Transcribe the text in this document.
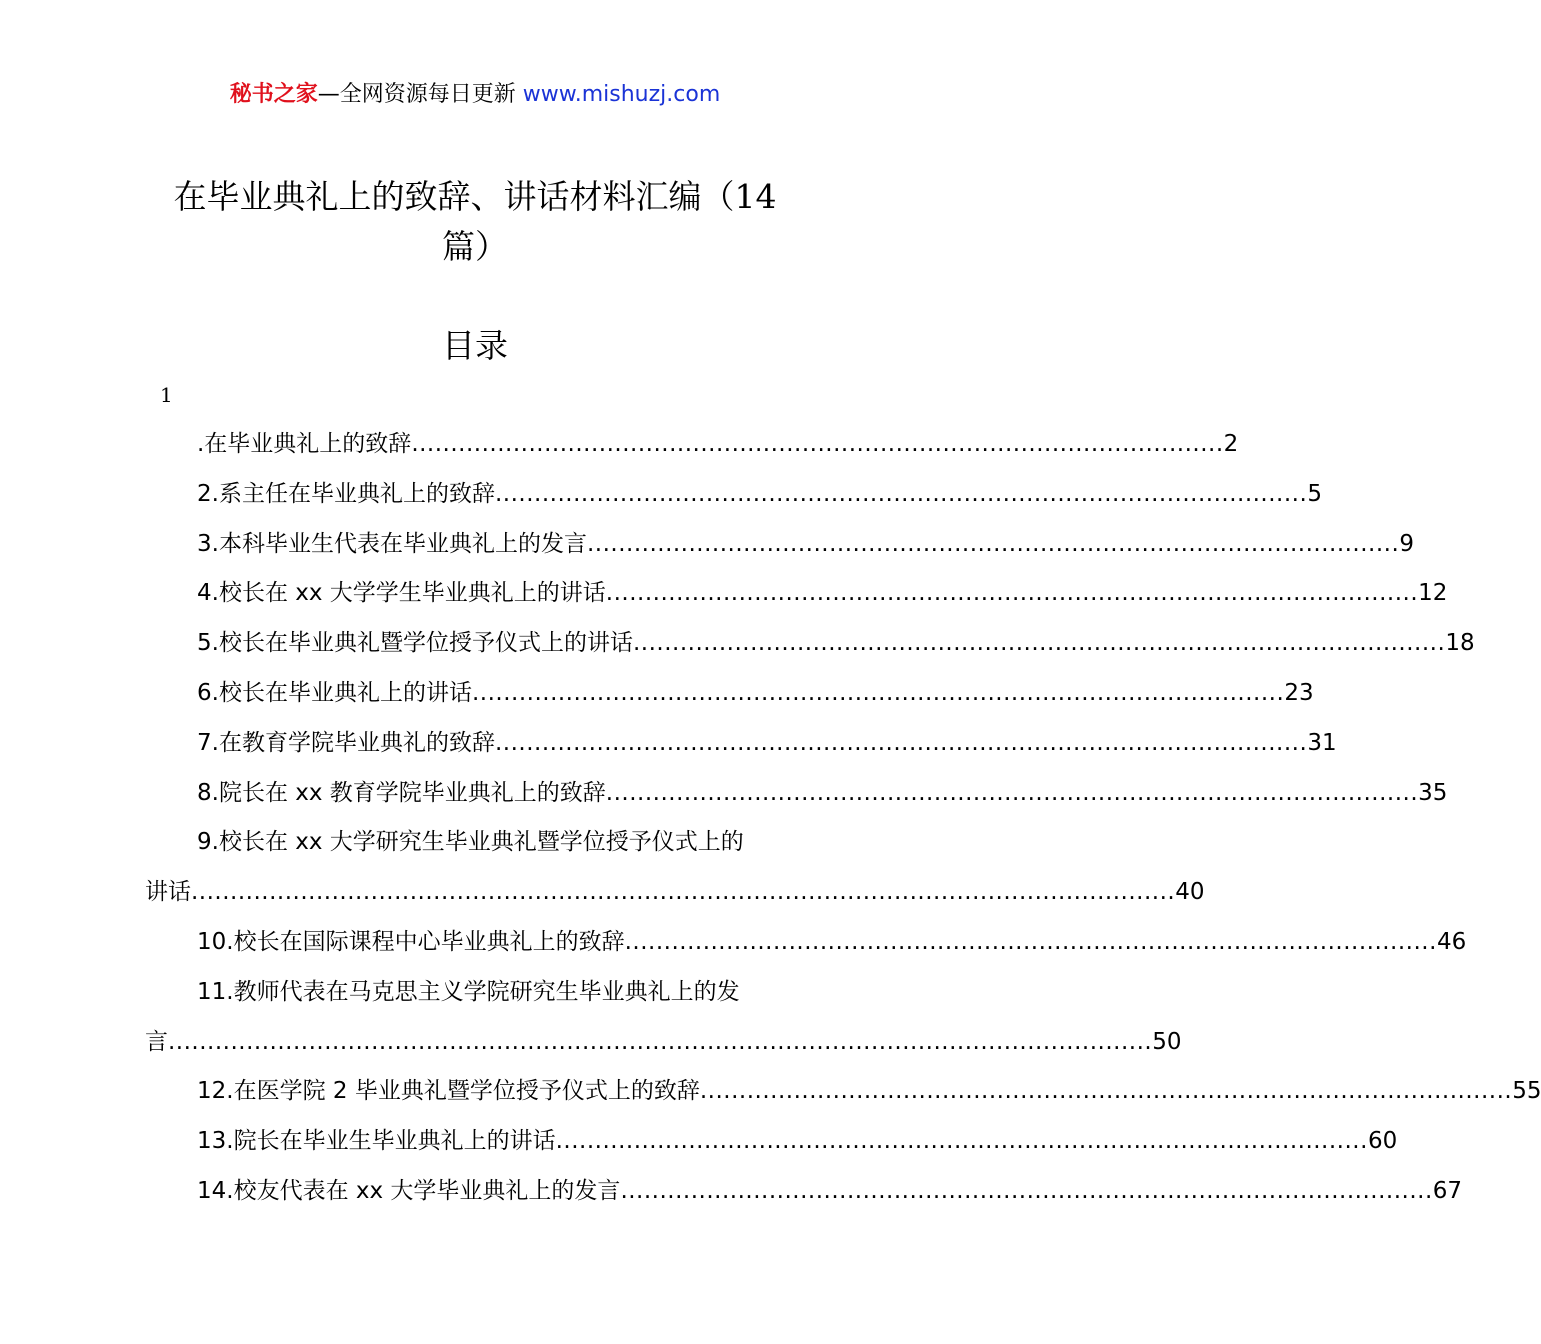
秘书之家—全网资源每日更新 www.mishuzj.com
在毕业典礼上的致辞、讲话材料汇编（14
篇）
目录
1
.在毕业典礼上的致辞 ........................................................................................................ 2
2.系主任在毕业典礼上的致辞 ........................................................................................................ 5
3.本科毕业生代表在毕业典礼上的发言 ........................................................................................................ 9
4.校长在 xx 大学学生毕业典礼上的讲话 ........................................................................................................ 12
5.校长在毕业典礼暨学位授予仪式上的讲话 ........................................................................................................ 18
6.校长在毕业典礼上的讲话 ........................................................................................................ 23
7.在教育学院毕业典礼的致辞 ........................................................................................................ 31
8.院长在 xx 教育学院毕业典礼上的致辞 ........................................................................................................ 35
9.校长在 xx 大学研究生毕业典礼暨学位授予仪式上的
讲话 .............................................................................................................................. 40
10.校长在国际课程中心毕业典礼上的致辞 ........................................................................................................ 46
11.教师代表在马克思主义学院研究生毕业典礼上的发
言 .............................................................................................................................. 50
12.在医学院 2 毕业典礼暨学位授予仪式上的致辞 ........................................................................................................ 55
13.院长在毕业生毕业典礼上的讲话 ........................................................................................................ 60
14.校友代表在 xx 大学毕业典礼上的发言 ........................................................................................................ 67
